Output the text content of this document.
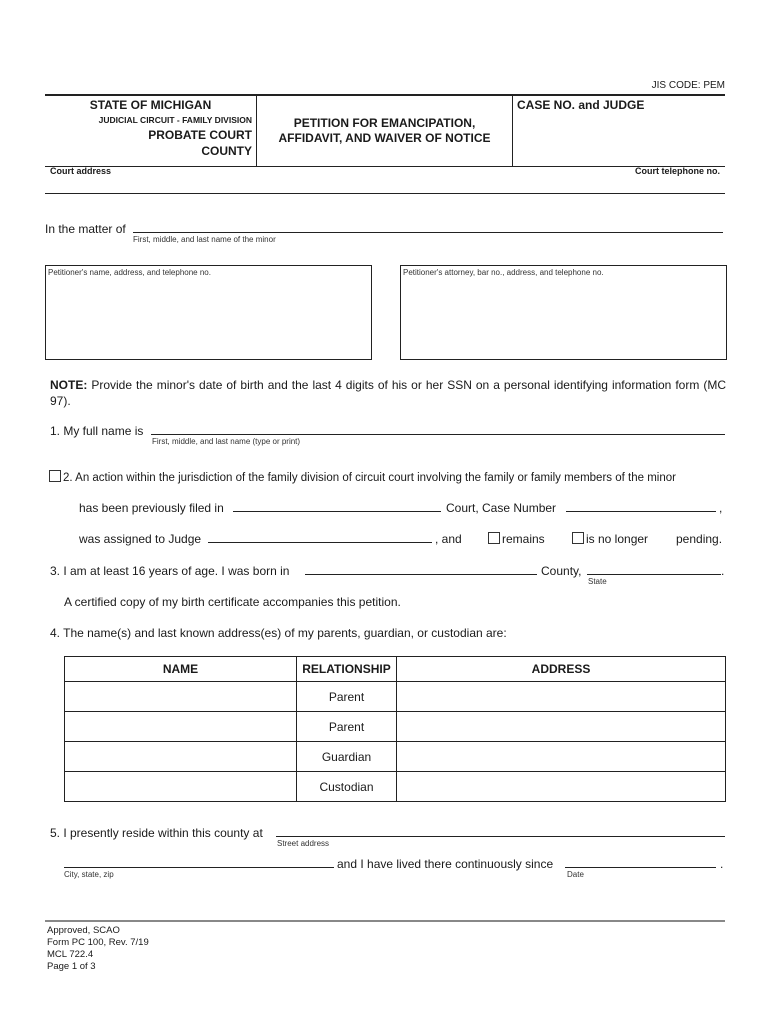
JIS CODE: PEM
STATE OF MICHIGAN
JUDICIAL CIRCUIT - FAMILY DIVISION
PROBATE COURT
COUNTY
PETITION FOR EMANCIPATION,
AFFIDAVIT, AND WAIVER OF NOTICE
CASE NO. and JUDGE
Court address	Court telephone no.
In the matter of
First, middle, and last name of the minor
Petitioner's name, address, and telephone no.	Petitioner's attorney, bar no., address, and telephone no.
NOTE: Provide the minor's date of birth and the last 4 digits of his or her SSN on a personal identifying information form (MC 97).
1. My full name is
First, middle, and last name (type or print)
2. An action within the jurisdiction of the family division of circuit court involving the family or family members of the minor
has been previously filed in	Court, Case Number	,
was assigned to Judge	, and	remains	is no longer pending.
3. I am at least 16 years of age. I was born in	County,	.
State
A certified copy of my birth certificate accompanies this petition.
4. The name(s) and last known address(es) of my parents, guardian, or custodian are:
NAME	RELATIONSHIP	ADDRESS
	Parent	
	Parent	
	Guardian	
	Custodian	
5. I presently reside within this county at
Street address
and I have lived there continuously since	.
City, state, zip	Date
Approved, SCAO
Form PC 100, Rev. 7/19
MCL 722.4
Page 1 of 3
